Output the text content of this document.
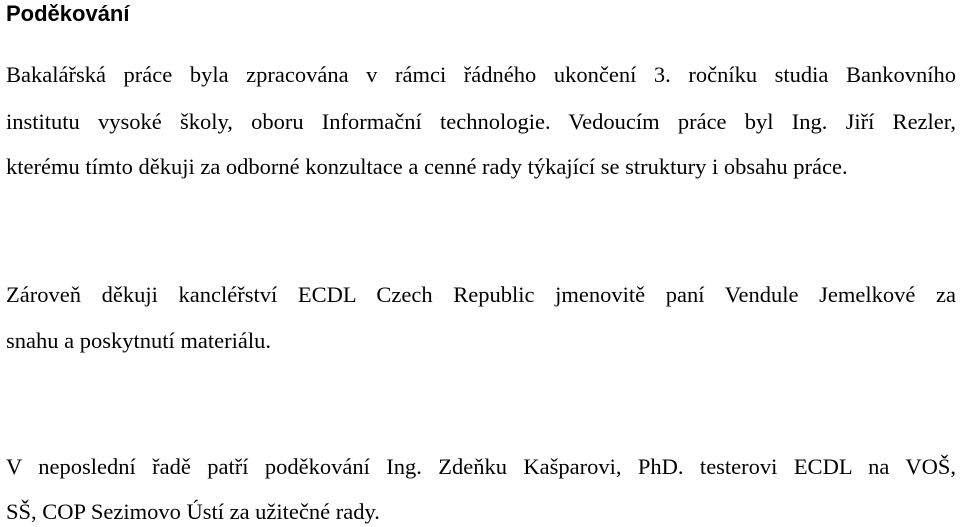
Poděkování
Bakalářská práce byla zpracována v rámci řádného ukončení 3. ročníku studia Bankovního
institutu vysoké školy, oboru Informační technologie. Vedoucím práce byl Ing. Jiří Rezler,
kterému tímto děkuji za odborné konzultace a cenné rady týkající se struktury i obsahu práce.
Zároveň děkuji kancléřství ECDL Czech Republic jmenovitě paní Vendule Jemelkové za
snahu a poskytnutí materiálu.
V neposlední řadě patří poděkování Ing. Zdeňku Kašparovi, PhD. testerovi ECDL na VOŠ,
SŠ, COP Sezimovo Ústí za užitečné rady.
